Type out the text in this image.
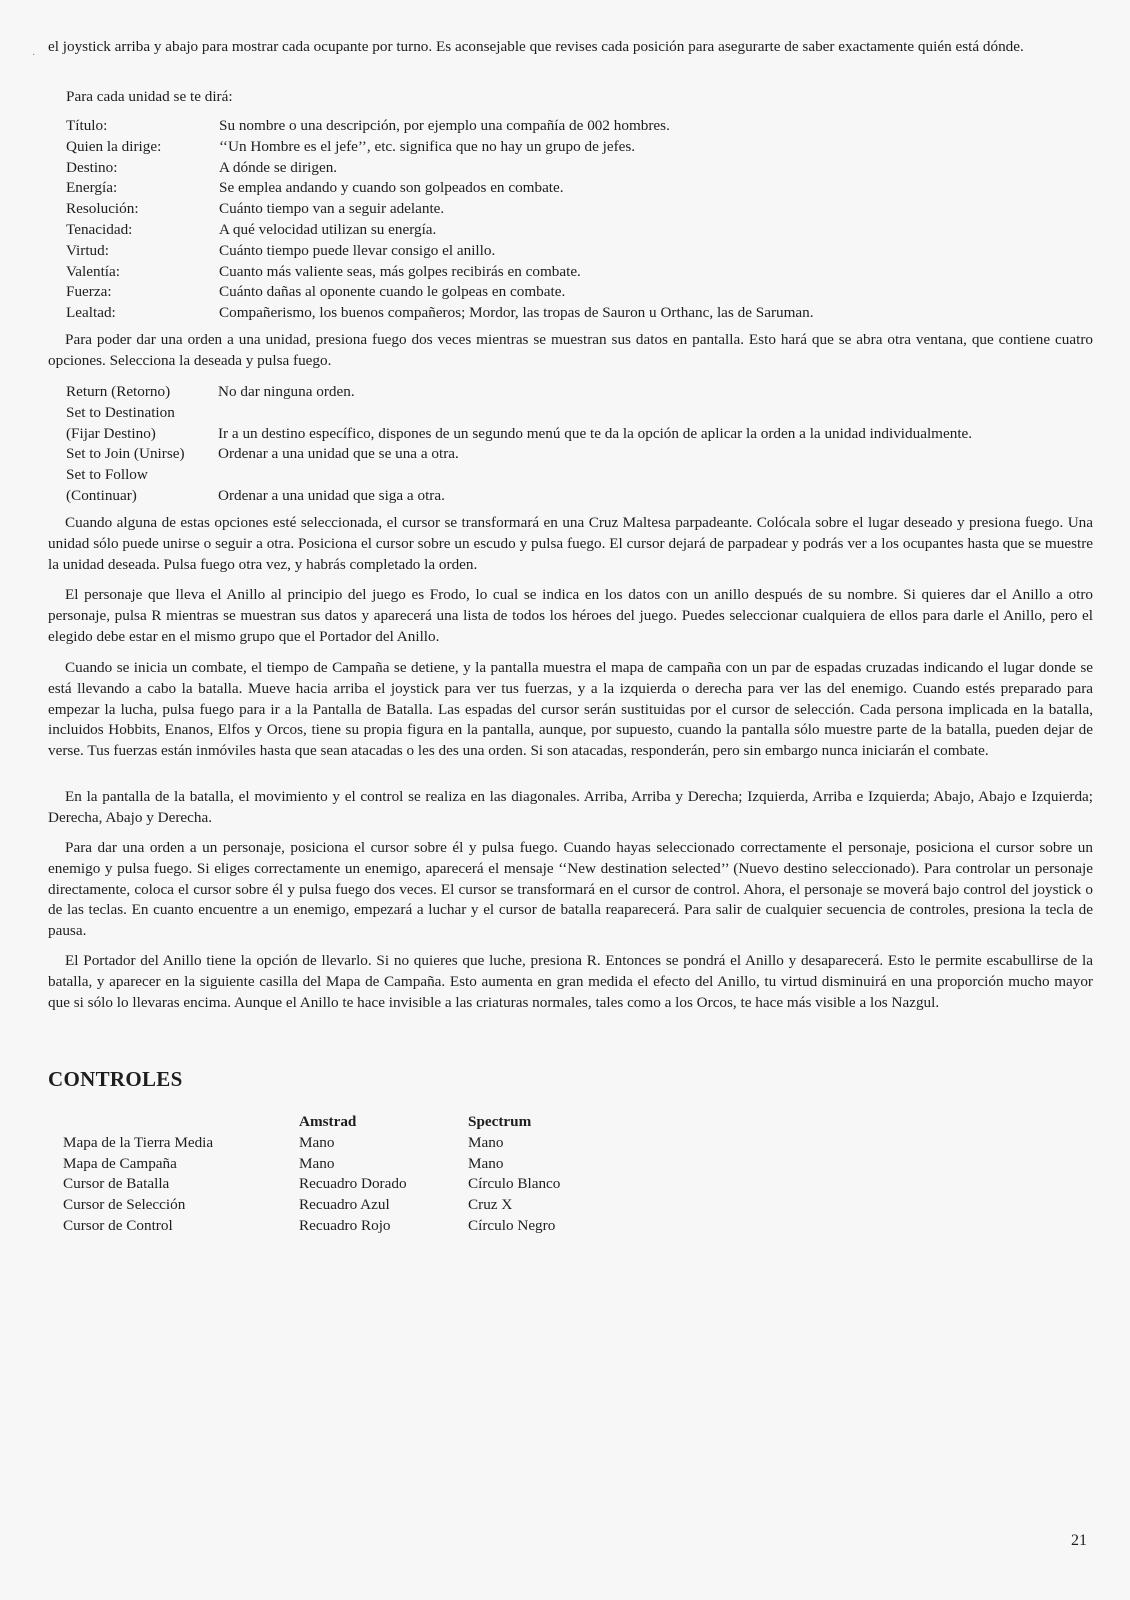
·

el joystick arriba y abajo para mostrar cada ocupante por turno. Es aconsejable que revises cada posición para asegurarte de saber exactamente quién está dónde.

Para cada unidad se te dirá:

Título:	Su nombre o una descripción, por ejemplo una compañía de 002 hombres.
Quien la dirige:	‘‘Un Hombre es el jefe’’, etc. significa que no hay un grupo de jefes.
Destino:	A dónde se dirigen.
Energía:	Se emplea andando y cuando son golpeados en combate.
Resolución:	Cuánto tiempo van a seguir adelante.
Tenacidad:	A qué velocidad utilizan su energía.
Virtud:	Cuánto tiempo puede llevar consigo el anillo.
Valentía:	Cuanto más valiente seas, más golpes recibirás en combate.
Fuerza:	Cuánto dañas al oponente cuando le golpeas en combate.
Lealtad:	Compañerismo, los buenos compañeros; Mordor, las tropas de Sauron u Orthanc, las de Saruman.

Para poder dar una orden a una unidad, presiona fuego dos veces mientras se muestran sus datos en pantalla. Esto hará que se abra otra ventana, que contiene cuatro opciones. Selecciona la deseada y pulsa fuego.

Return (Retorno)	No dar ninguna orden.
Set to Destination
(Fijar Destino)	Ir a un destino específico, dispones de un segundo menú que te da la opción de aplicar la orden a la unidad individualmente.
Set to Join (Unirse)	Ordenar a una unidad que se una a otra.
Set to Follow
(Continuar)	Ordenar a una unidad que siga a otra.

Cuando alguna de estas opciones esté seleccionada, el cursor se transformará en una Cruz Maltesa parpadeante. Colócala sobre el lugar deseado y presiona fuego. Una unidad sólo puede unirse o seguir a otra. Posiciona el cursor sobre un escudo y pulsa fuego. El cursor dejará de parpadear y podrás ver a los ocupantes hasta que se muestre la unidad deseada. Pulsa fuego otra vez, y habrás completado la orden.

El personaje que lleva el Anillo al principio del juego es Frodo, lo cual se indica en los datos con un anillo después de su nombre. Si quieres dar el Anillo a otro personaje, pulsa R mientras se muestran sus datos y aparecerá una lista de todos los héroes del juego. Puedes seleccionar cualquiera de ellos para darle el Anillo, pero el elegido debe estar en el mismo grupo que el Portador del Anillo.

Cuando se inicia un combate, el tiempo de Campaña se detiene, y la pantalla muestra el mapa de campaña con un par de espadas cruzadas indicando el lugar donde se está llevando a cabo la batalla. Mueve hacia arriba el joystick para ver tus fuerzas, y a la izquierda o derecha para ver las del enemigo. Cuando estés preparado para empezar la lucha, pulsa fuego para ir a la Pantalla de Batalla. Las espadas del cursor serán sustituidas por el cursor de selección. Cada persona implicada en la batalla, incluidos Hobbits, Enanos, Elfos y Orcos, tiene su propia figura en la pantalla, aunque, por supuesto, cuando la pantalla sólo muestre parte de la batalla, pueden dejar de verse. Tus fuerzas están inmóviles hasta que sean atacadas o les des una orden. Si son atacadas, responderán, pero sin embargo nunca iniciarán el combate.

En la pantalla de la batalla, el movimiento y el control se realiza en las diagonales. Arriba, Arriba y Derecha; Izquierda, Arriba e Izquierda; Abajo, Abajo e Izquierda; Derecha, Abajo y Derecha.

Para dar una orden a un personaje, posiciona el cursor sobre él y pulsa fuego. Cuando hayas seleccionado correctamente el personaje, posiciona el cursor sobre un enemigo y pulsa fuego. Si eliges correctamente un enemigo, aparecerá el mensaje ‘‘New destination selected’’ (Nuevo destino seleccionado). Para controlar un personaje directamente, coloca el cursor sobre él y pulsa fuego dos veces. El cursor se transformará en el cursor de control. Ahora, el personaje se moverá bajo control del joystick o de las teclas. En cuanto encuentre a un enemigo, empezará a luchar y el cursor de batalla reaparecerá. Para salir de cualquier secuencia de controles, presiona la tecla de pausa.

El Portador del Anillo tiene la opción de llevarlo. Si no quieres que luche, presiona R. Entonces se pondrá el Anillo y desaparecerá. Esto le permite escabullirse de la batalla, y aparecer en la siguiente casilla del Mapa de Campaña. Esto aumenta en gran medida el efecto del Anillo, tu virtud disminuirá en una proporción mucho mayor que si sólo lo llevaras encima. Aunque el Anillo te hace invisible a las criaturas normales, tales como a los Orcos, te hace más visible a los Nazgul.

CONTROLES
	Amstrad	Spectrum
Mapa de la Tierra Media	Mano	Mano
Mapa de Campaña	Mano	Mano
Cursor de Batalla	Recuadro Dorado	Círculo Blanco
Cursor de Selección	Recuadro Azul	Cruz X
Cursor de Control	Recuadro Rojo	Círculo Negro

21
